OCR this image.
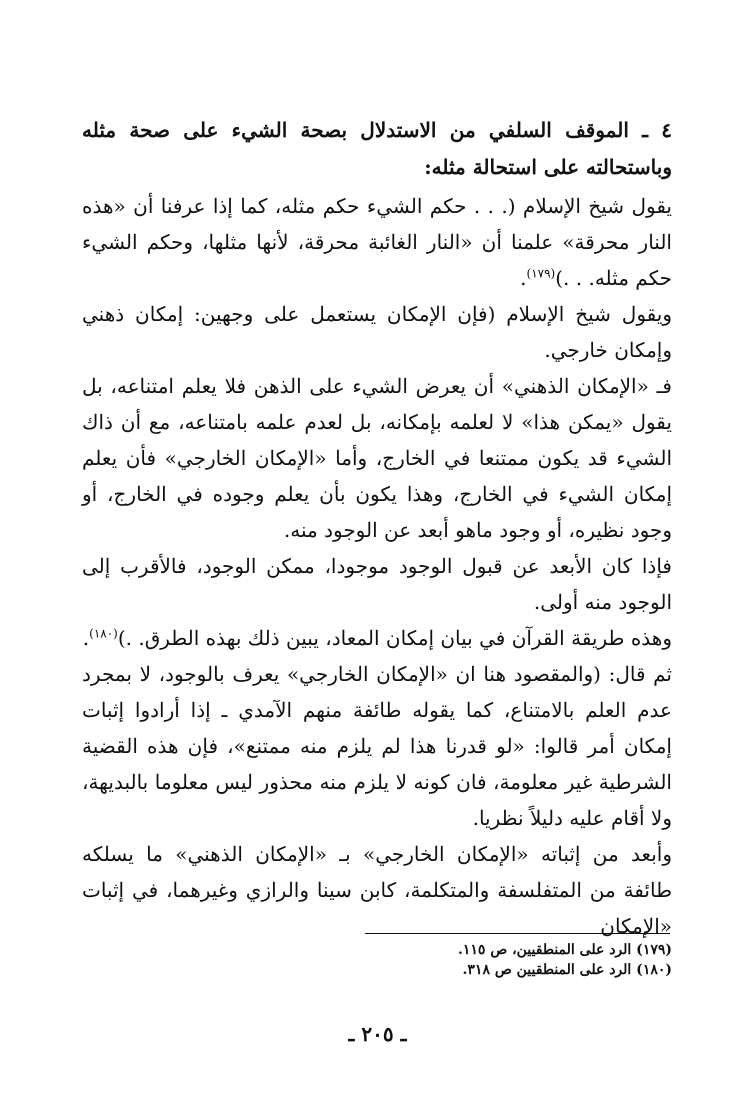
٤ ـ الموقف السلفي من الاستدلال بصحة الشيء على صحة مثله وباستحالته على استحالة مثله:

يقول شيخ الإسلام (. . . حكم الشيء حكم مثله، كما إذا عرفنا أن «هذه النار محرقة» علمنا أن «النار الغائبة محرقة، لأنها مثلها، وحكم الشيء حكم مثله. . .)$^{(١٧٩)}$.

ويقول شيخ الإسلام (فإن الإمكان يستعمل على وجهين: إمكان ذهني وإمكان خارجي.

فـ «الإمكان الذهني» أن يعرض الشيء على الذهن فلا يعلم امتناعه، بل يقول «يمكن هذا» لا لعلمه بإمكانه، بل لعدم علمه بامتناعه، مع أن ذاك الشيء قد يكون ممتنعا في الخارج، وأما «الإمكان الخارجي» فأن يعلم إمكان الشيء في الخارج، وهذا يكون بأن يعلم وجوده في الخارج، أو وجود نظيره، أو وجود ماهو أبعد عن الوجود منه.

فإذا كان الأبعد عن قبول الوجود موجودا، ممكن الوجود، فالأقرب إلى الوجود منه أولى.

وهذه طريقة القرآن في بيان إمكان المعاد، يبين ذلك بهذه الطرق. .)$^{(١٨٠)}$.

ثم قال: (والمقصود هنا ان «الإمكان الخارجي» يعرف بالوجود، لا بمجرد عدم العلم بالامتناع، كما يقوله طائفة منهم الآمدي ـ إذا أرادوا إثبات إمكان أمر قالوا: «لو قدرنا هذا لم يلزم منه ممتنع»، فإن هذه القضية الشرطية غير معلومة، فان كونه لا يلزم منه محذور ليس معلوما بالبديهة، ولا أقام عليه دليلاً نظريا.

وأبعد من إثباته «الإمكان الخارجي» بـ «الإمكان الذهني» ما يسلكه طائفة من المتفلسفة والمتكلمة، كابن سينا والرازي وغيرهما، في إثبات «الإمكان

(١٧٩) الرد على المنطقيين، ص ١١٥.

(١٨٠) الرد على المنطقيين ص ٣١٨.

ـ ٢٠٥ ـ
